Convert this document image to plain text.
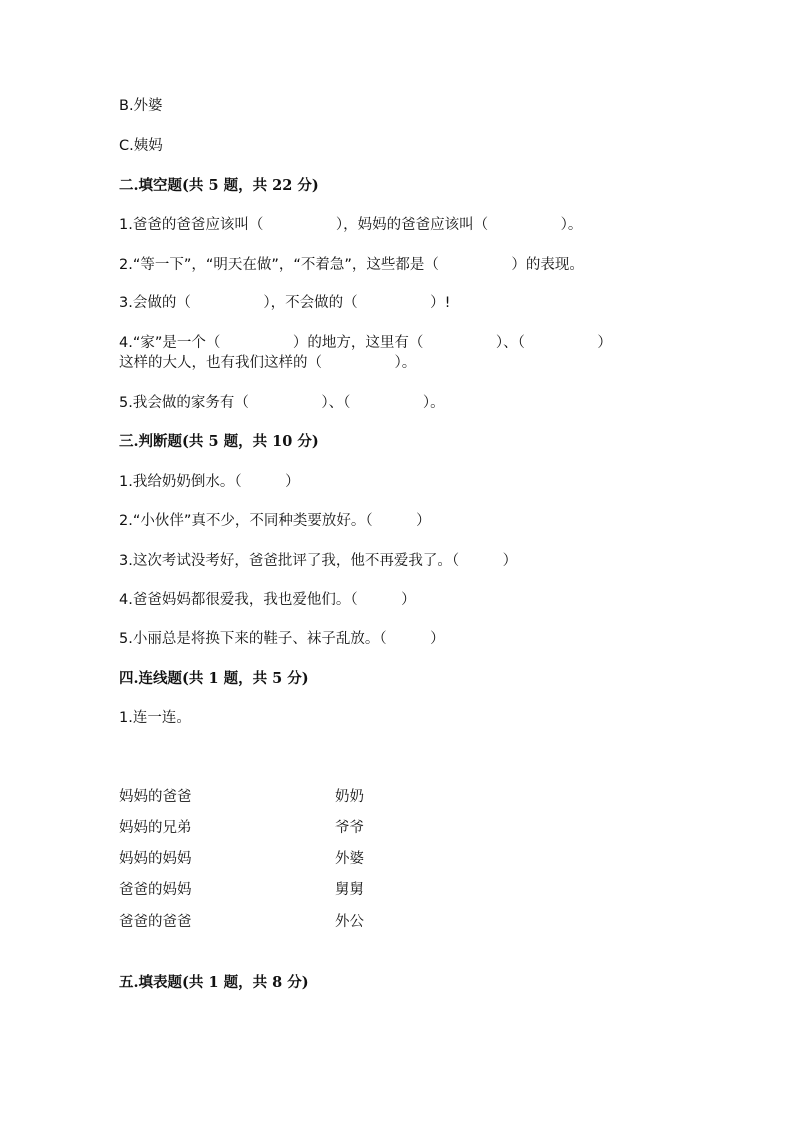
B.外婆
C.姨妈
二.填空题(共 5 题，共 22 分)
1.爸爸的爸爸应该叫（　　　　　），妈妈的爸爸应该叫（　　　　　）。
2.“等一下”，“明天在做”，“不着急”，这些都是（　　　　　）的表现。
3.会做的（　　　　　），不会做的（　　　　　）!
4.“家”是一个（　　　　　）的地方，这里有（　　　　　）、（　　　　　）
这样的大人，也有我们这样的（　　　　　）。
5.我会做的家务有（　　　　　）、（　　　　　）。
三.判断题(共 5 题，共 10 分)
1.我给奶奶倒水。（　　　）
2.“小伙伴”真不少，不同种类要放好。（　　　）
3.这次考试没考好，爸爸批评了我，他不再爱我了。（　　　）
4.爸爸妈妈都很爱我，我也爱他们。（　　　）
5.小丽总是将换下来的鞋子、袜子乱放。（　　　）
四.连线题(共 1 题，共 5 分)
1.连一连。
妈妈的爸爸
妈妈的兄弟
妈妈的妈妈
爸爸的妈妈
爸爸的爸爸
奶奶
爷爷
外婆
舅舅
外公
五.填表题(共 1 题，共 8 分)
